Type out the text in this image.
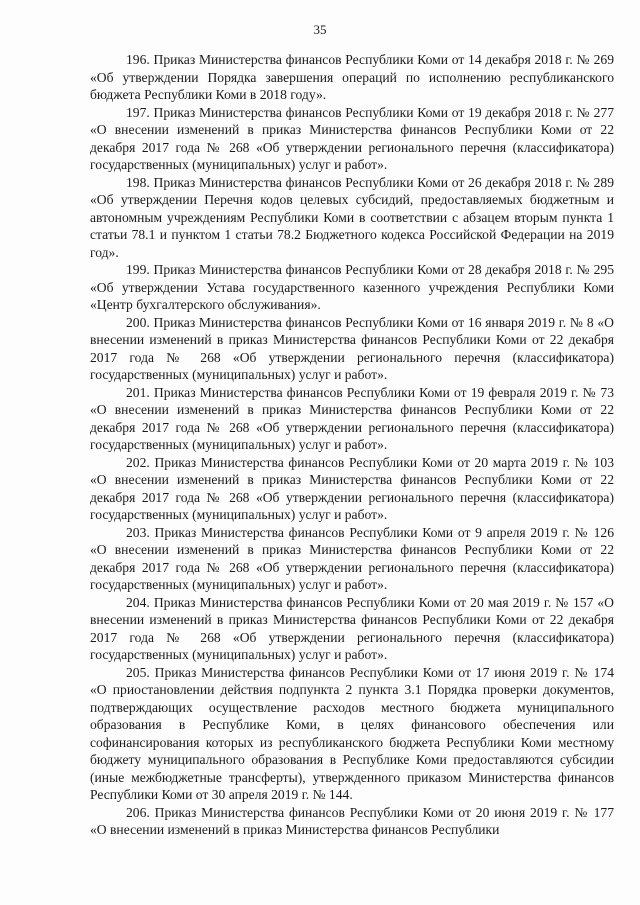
35

196. Приказ Министерства финансов Республики Коми от 14 декабря 2018 г. № 269 «Об утверждении Порядка завершения операций по исполнению республиканского бюджета Республики Коми в 2018 году».

197. Приказ Министерства финансов Республики Коми от 19 декабря 2018 г. № 277 «О внесении изменений в приказ Министерства финансов Республики Коми от 22 декабря 2017 года № 268 «Об утверждении регионального перечня (классификатора) государственных (муниципальных) услуг и работ».

198. Приказ Министерства финансов Республики Коми от 26 декабря 2018 г. № 289 «Об утверждении Перечня кодов целевых субсидий, предоставляемых бюджетным и автономным учреждениям Республики Коми в соответствии с абзацем вторым пункта 1 статьи 78.1 и пунктом 1 статьи 78.2 Бюджетного кодекса Российской Федерации на 2019 год».

199. Приказ Министерства финансов Республики Коми от 28 декабря 2018 г. № 295 «Об утверждении Устава государственного казенного учреждения Республики Коми «Центр бухгалтерского обслуживания».

200. Приказ Министерства финансов Республики Коми от 16 января 2019 г. № 8 «О внесении изменений в приказ Министерства финансов Республики Коми от 22 декабря 2017 года № 268 «Об утверждении регионального перечня (классификатора) государственных (муниципальных) услуг и работ».

201. Приказ Министерства финансов Республики Коми от 19 февраля 2019 г. № 73 «О внесении изменений в приказ Министерства финансов Республики Коми от 22 декабря 2017 года № 268 «Об утверждении регионального перечня (классификатора) государственных (муниципальных) услуг и работ».

202. Приказ Министерства финансов Республики Коми от 20 марта 2019 г. № 103 «О внесении изменений в приказ Министерства финансов Республики Коми от 22 декабря 2017 года № 268 «Об утверждении регионального перечня (классификатора) государственных (муниципальных) услуг и работ».

203. Приказ Министерства финансов Республики Коми от 9 апреля 2019 г. № 126 «О внесении изменений в приказ Министерства финансов Республики Коми от 22 декабря 2017 года № 268 «Об утверждении регионального перечня (классификатора) государственных (муниципальных) услуг и работ».

204. Приказ Министерства финансов Республики Коми от 20 мая 2019 г. № 157 «О внесении изменений в приказ Министерства финансов Республики Коми от 22 декабря 2017 года № 268 «Об утверждении регионального перечня (классификатора) государственных (муниципальных) услуг и работ».

205. Приказ Министерства финансов Республики Коми от 17 июня 2019 г. № 174 «О приостановлении действия подпункта 2 пункта 3.1 Порядка проверки документов, подтверждающих осуществление расходов местного бюджета муниципального образования в Республике Коми, в целях финансового обеспечения или софинансирования которых из республиканского бюджета Республики Коми местному бюджету муниципального образования в Республике Коми предоставляются субсидии (иные межбюджетные трансферты), утвержденного приказом Министерства финансов Республики Коми от 30 апреля 2019 г. № 144.

206. Приказ Министерства финансов Республики Коми от 20 июня 2019 г. № 177 «О внесении изменений в приказ Министерства финансов Республики
